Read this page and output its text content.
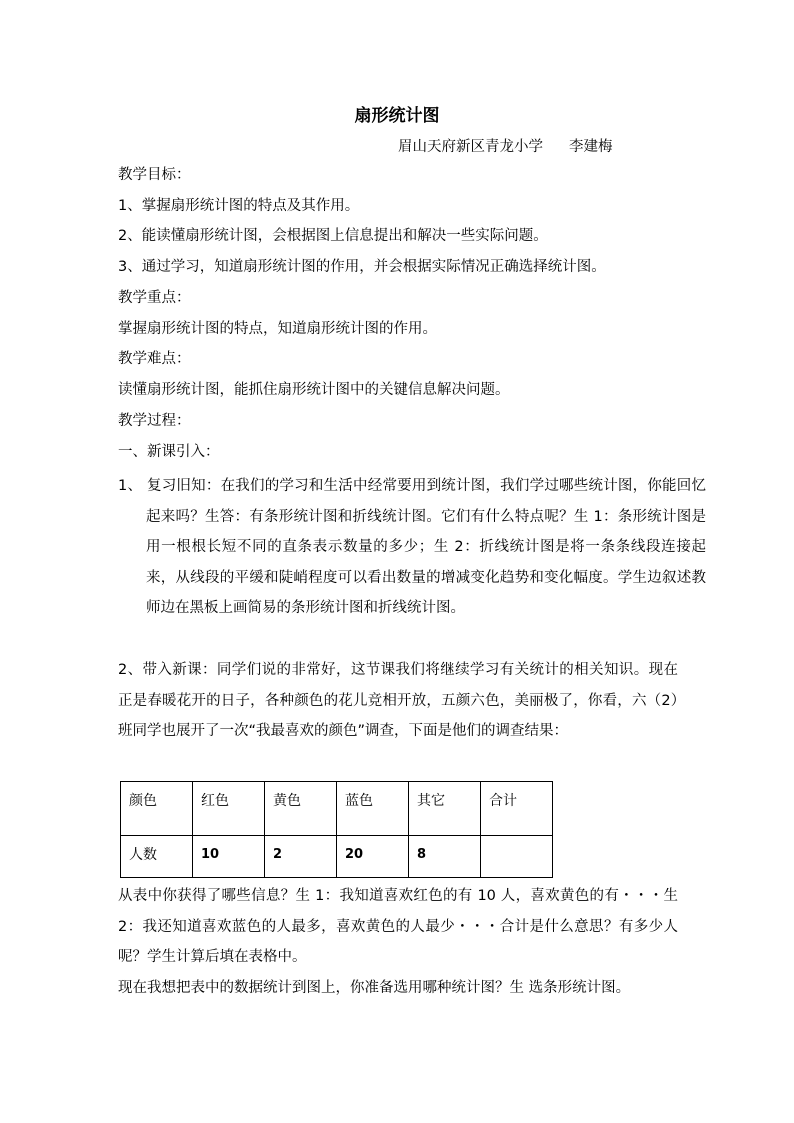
扇形统计图
眉山天府新区青龙小学 李建梅
教学目标：
1、掌握扇形统计图的特点及其作用。
2、能读懂扇形统计图，会根据图上信息提出和解决一些实际问题。
3、通过学习，知道扇形统计图的作用，并会根据实际情况正确选择统计图。
教学重点：
掌握扇形统计图的特点，知道扇形统计图的作用。
教学难点：
读懂扇形统计图，能抓住扇形统计图中的关键信息解决问题。
教学过程：
一、新课引入：
1、 复习旧知：在我们的学习和生活中经常要用到统计图，我们学过哪些统计图，你能回忆起来吗？生答：有条形统计图和折线统计图。它们有什么特点呢？生 1：条形统计图是用一根根长短不同的直条表示数量的多少；生 2：折线统计图是将一条条线段连接起来，从线段的平缓和陡峭程度可以看出数量的增减变化趋势和变化幅度。学生边叙述教师边在黑板上画简易的条形统计图和折线统计图。
2、带入新课：同学们说的非常好，这节课我们将继续学习有关统计的相关知识。现在正是春暖花开的日子，各种颜色的花儿竞相开放，五颜六色，美丽极了，你看，六（2）班同学也展开了一次“我最喜欢的颜色”调查，下面是他们的调查结果：
颜色	红色	黄色	蓝色	其它	合计
人数	10	2	20	8	
从表中你获得了哪些信息？生 1：我知道喜欢红色的有 10 人，喜欢黄色的有・・・生 2：我还知道喜欢蓝色的人最多，喜欢黄色的人最少・・・合计是什么意思？有多少人呢？学生计算后填在表格中。
现在我想把表中的数据统计到图上，你准备选用哪种统计图？生 选条形统计图。
